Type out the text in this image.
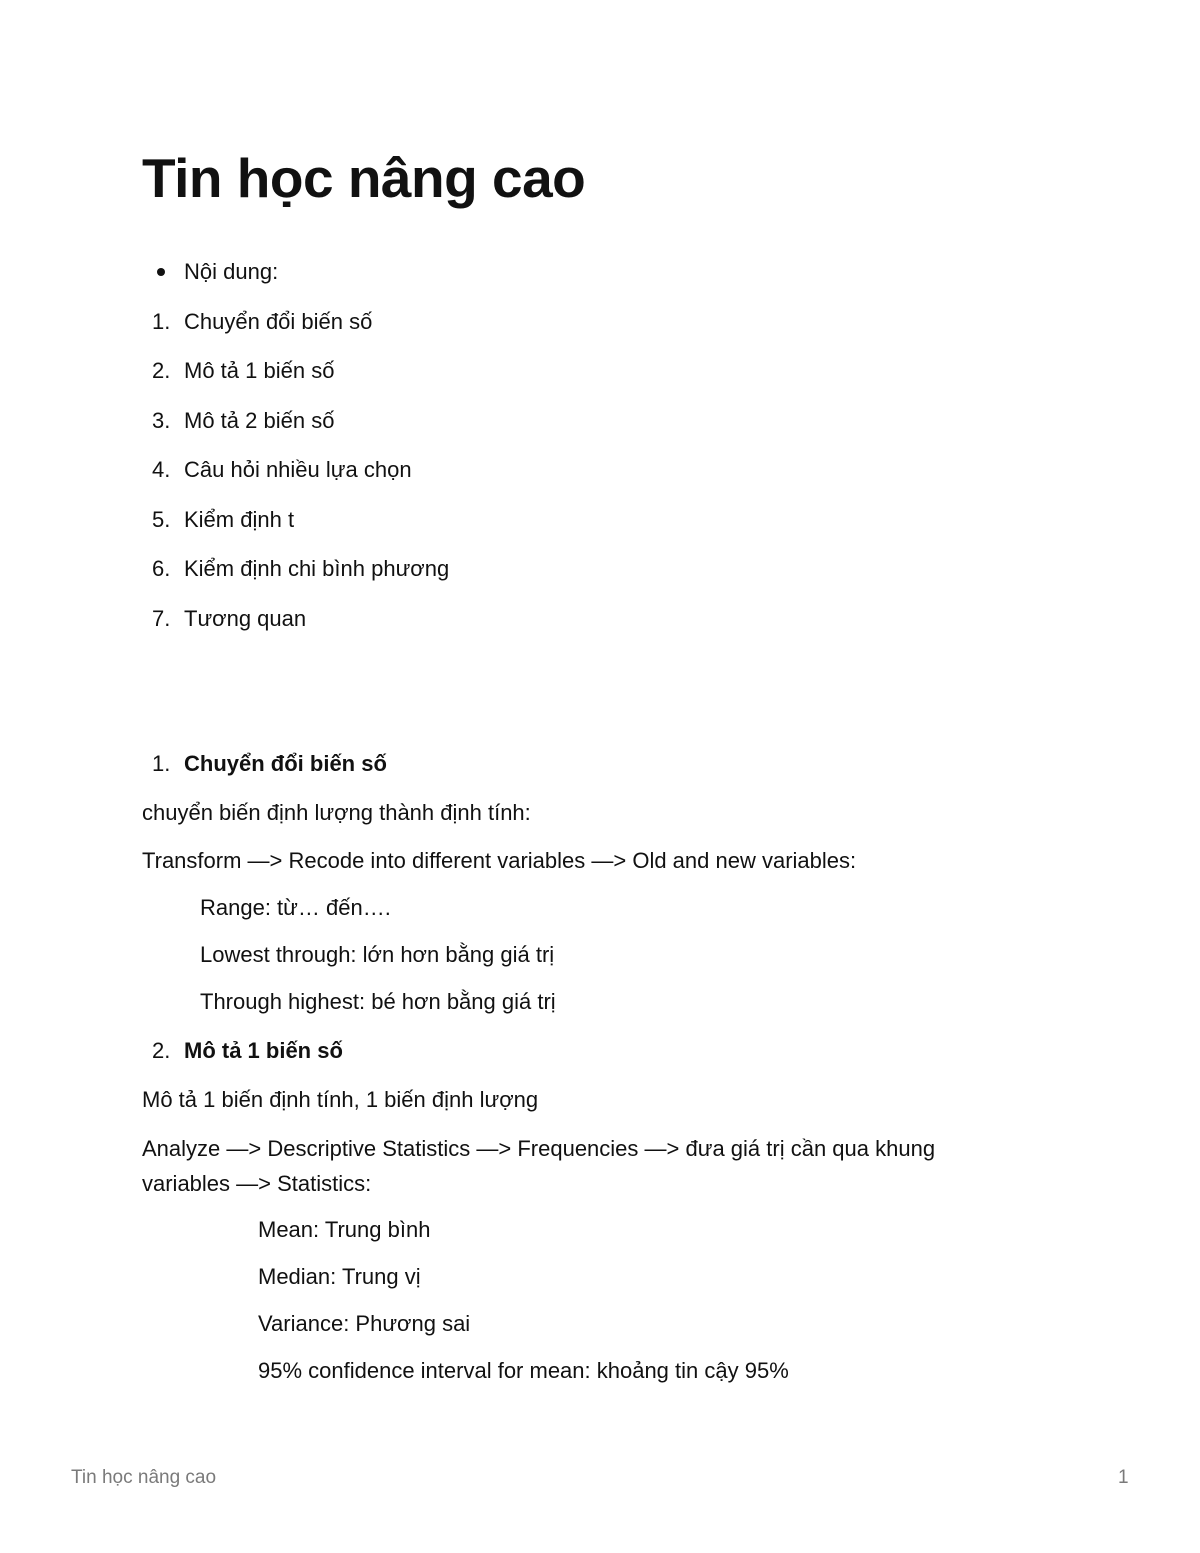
Tin học nâng cao
Nội dung:
1. Chuyển đổi biến số
2. Mô tả 1 biến số
3. Mô tả 2 biến số
4. Câu hỏi nhiều lựa chọn
5. Kiểm định t
6. Kiểm định chi bình phương
7. Tương quan
1. Chuyển đổi biến số
chuyển biến định lượng thành định tính:
Transform —> Recode into different variables —> Old and new variables:
Range: từ… đến….
Lowest through: lớn hơn bằng giá trị
Through highest: bé hơn bằng giá trị
2. Mô tả 1 biến số
Mô tả 1 biến định tính, 1 biến định lượng
Analyze —> Descriptive Statistics —> Frequencies —> đưa giá trị cần qua khung variables —> Statistics:
Mean: Trung bình
Median: Trung vị
Variance: Phương sai
95% confidence interval for mean: khoảng tin cậy 95%
Tin học nâng cao	1
